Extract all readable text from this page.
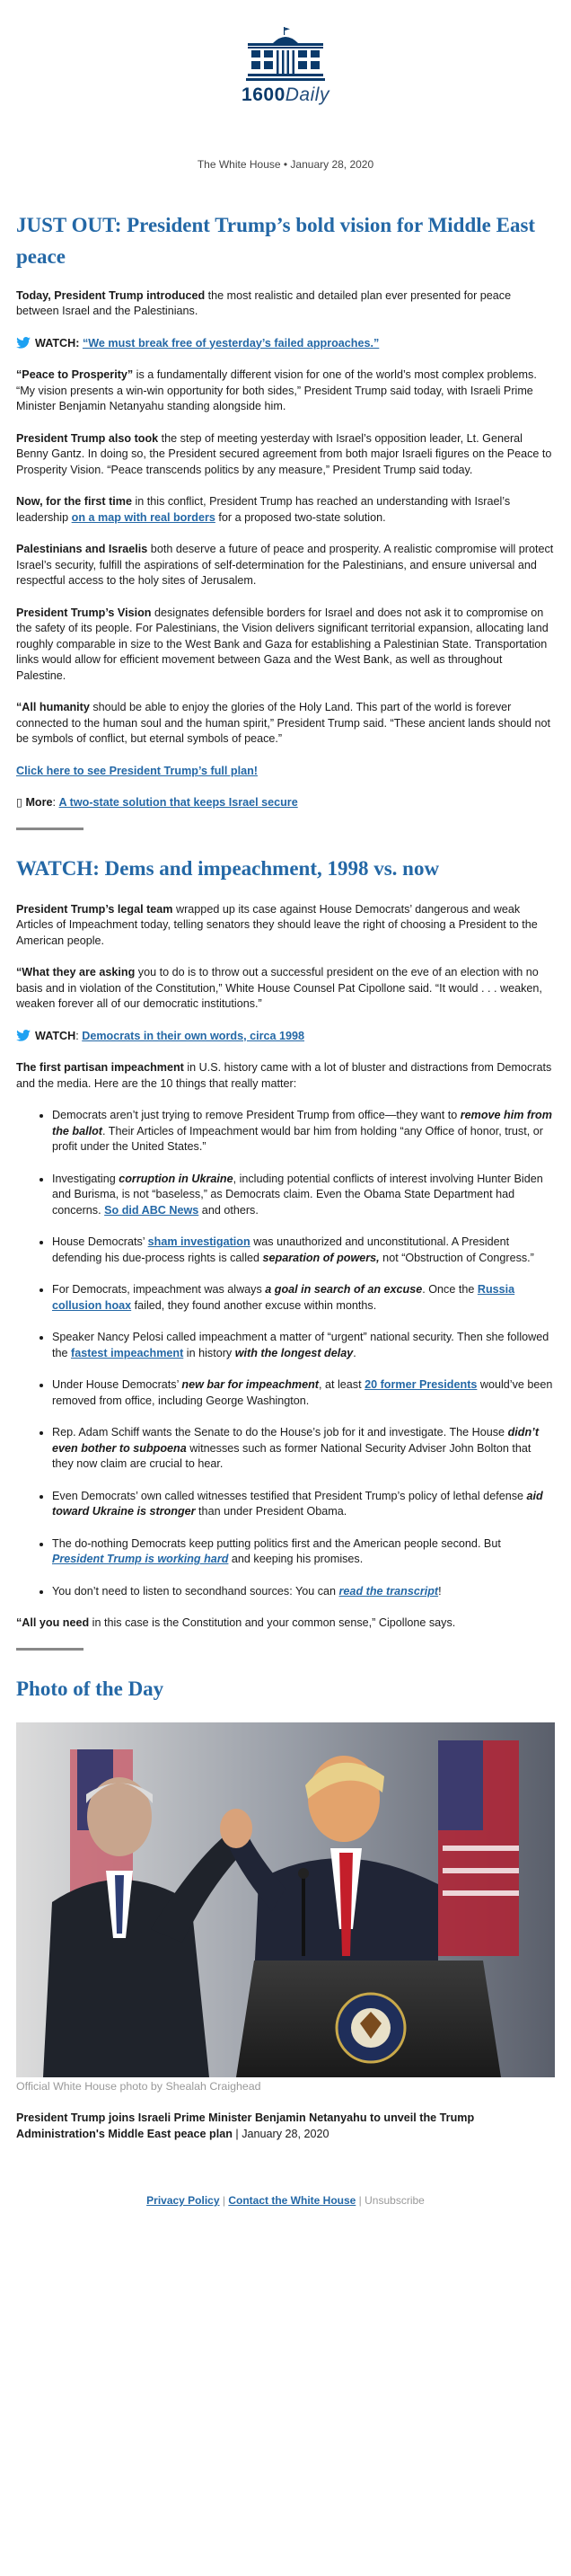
1600Daily

The White House • January 28, 2020

JUST OUT: President Trump’s bold vision for Middle East peace

Today, President Trump introduced the most realistic and detailed plan ever presented for peace between Israel and the Palestinians.

WATCH: “We must break free of yesterday’s failed approaches.”

“Peace to Prosperity” is a fundamentally different vision for one of the world’s most complex problems. “My vision presents a win-win opportunity for both sides,” President Trump said today, with Israeli Prime Minister Benjamin Netanyahu standing alongside him.

President Trump also took the step of meeting yesterday with Israel’s opposition leader, Lt. General Benny Gantz. In doing so, the President secured agreement from both major Israeli figures on the Peace to Prosperity Vision. “Peace transcends politics by any measure,” President Trump said today.

Now, for the first time in this conflict, President Trump has reached an understanding with Israel’s leadership on a map with real borders for a proposed two-state solution.

Palestinians and Israelis both deserve a future of peace and prosperity. A realistic compromise will protect Israel’s security, fulfill the aspirations of self-determination for the Palestinians, and ensure universal and respectful access to the holy sites of Jerusalem.

President Trump’s Vision designates defensible borders for Israel and does not ask it to compromise on the safety of its people. For Palestinians, the Vision delivers significant territorial expansion, allocating land roughly comparable in size to the West Bank and Gaza for establishing a Palestinian State. Transportation links would allow for efficient movement between Gaza and the West Bank, as well as throughout Palestine.

“All humanity should be able to enjoy the glories of the Holy Land. This part of the world is forever connected to the human soul and the human spirit,” President Trump said. “These ancient lands should not be symbols of conflict, but eternal symbols of peace.”

Click here to see President Trump’s full plan!

▯ More: A two-state solution that keeps Israel secure

WATCH: Dems and impeachment, 1998 vs. now

President Trump’s legal team wrapped up its case against House Democrats’ dangerous and weak Articles of Impeachment today, telling senators they should leave the right of choosing a President to the American people.

“What they are asking you to do is to throw out a successful president on the eve of an election with no basis and in violation of the Constitution,” White House Counsel Pat Cipollone said. “It would . . . weaken, weaken forever all of our democratic institutions.”

WATCH: Democrats in their own words, circa 1998

The first partisan impeachment in U.S. history came with a lot of bluster and distractions from Democrats and the media. Here are the 10 things that really matter:

• Democrats aren’t just trying to remove President Trump from office—they want to remove him from the ballot. Their Articles of Impeachment would bar him from holding “any Office of honor, trust, or profit under the United States.”
• Investigating corruption in Ukraine, including potential conflicts of interest involving Hunter Biden and Burisma, is not “baseless,” as Democrats claim. Even the Obama State Department had concerns. So did ABC News and others.
• House Democrats’ sham investigation was unauthorized and unconstitutional. A President defending his due-process rights is called separation of powers, not “Obstruction of Congress.”
• For Democrats, impeachment was always a goal in search of an excuse. Once the Russia collusion hoax failed, they found another excuse within months.
• Speaker Nancy Pelosi called impeachment a matter of “urgent” national security. Then she followed the fastest impeachment in history with the longest delay.
• Under House Democrats’ new bar for impeachment, at least 20 former Presidents would’ve been removed from office, including George Washington.
• Rep. Adam Schiff wants the Senate to do the House’s job for it and investigate. The House didn’t even bother to subpoena witnesses such as former National Security Adviser John Bolton that they now claim are crucial to hear.
• Even Democrats’ own called witnesses testified that President Trump’s policy of lethal defense aid toward Ukraine is stronger than under President Obama.
• The do-nothing Democrats keep putting politics first and the American people second. But President Trump is working hard and keeping his promises.
• You don’t need to listen to secondhand sources: You can read the transcript!

“All you need in this case is the Constitution and your common sense,” Cipollone says.

Photo of the Day

Official White House photo by Shealah Craighead

President Trump joins Israeli Prime Minister Benjamin Netanyahu to unveil the Trump Administration's Middle East peace plan | January 28, 2020

Privacy Policy | Contact the White House | Unsubscribe
